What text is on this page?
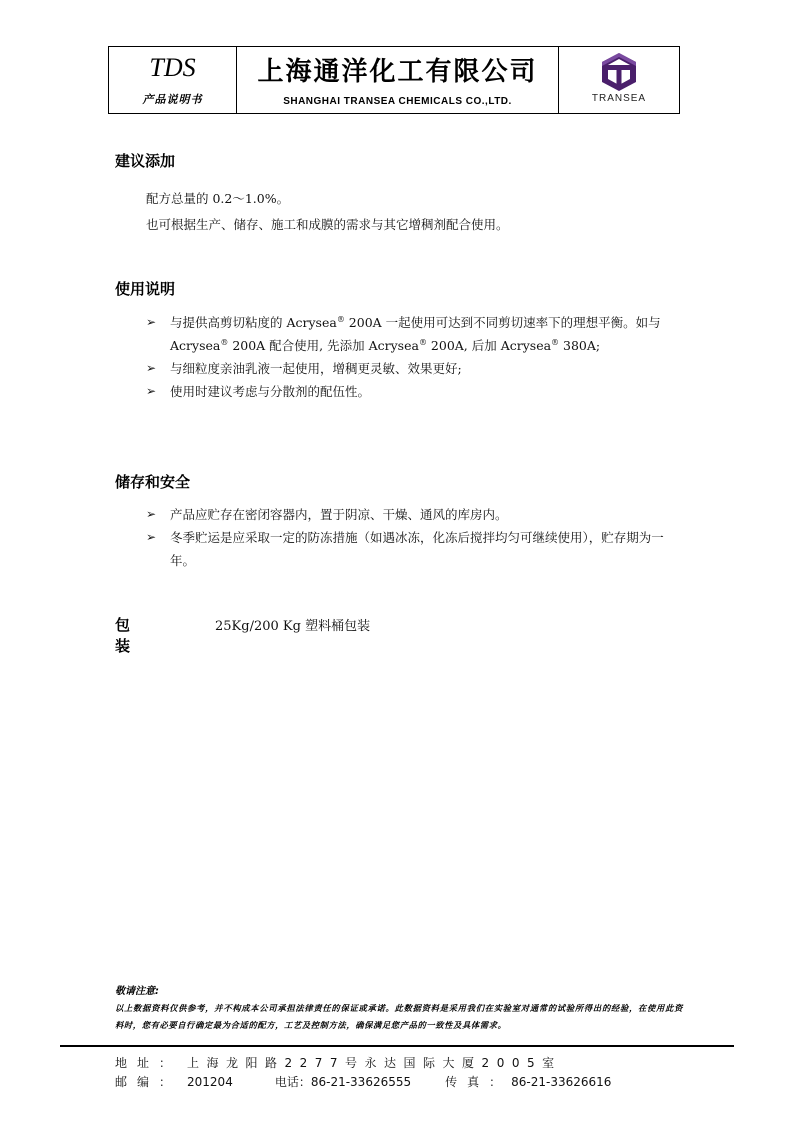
TDS
产品说明书
上海通洋化工有限公司
SHANGHAI TRANSEA CHEMICALS CO.,LTD.	TRANSEA
建议添加
配方总量的 0.2～1.0%。
也可根据生产、储存、施工和成膜的需求与其它增稠剂配合使用。
使用说明
➢ 与提供高剪切粘度的 Acrysea® 200A 一起使用可达到不同剪切速率下的理想平衡。如与 Acrysea® 200A 配合使用, 先添加 Acrysea® 200A, 后加 Acrysea® 380A;
➢ 与细粒度亲油乳液一起使用，增稠更灵敏、效果更好;
➢ 使用时建议考虑与分散剂的配伍性。
储存和安全
➢ 产品应贮存在密闭容器内，置于阴凉、干燥、通风的库房内。
➢ 冬季贮运是应采取一定的防冻措施（如遇冰冻，化冻后搅拌均匀可继续使用），贮存期为一年。
包装
25Kg/200 Kg 塑料桶包装
敬请注意:
以上数据资料仅供参考，并不构成本公司承担法律责任的保证或承诺。此数据资料是采用我们在实验室对通常的试验所得出的经验，在使用此资料时，您有必要自行确定最为合适的配方，工艺及控制方法，确保满足您产品的一致性及具体需求。
地址： 上海龙阳路2277号永达国际大厦2005室
邮编： 201204	电话：86-21-33626555	传真：86-21-33626616
